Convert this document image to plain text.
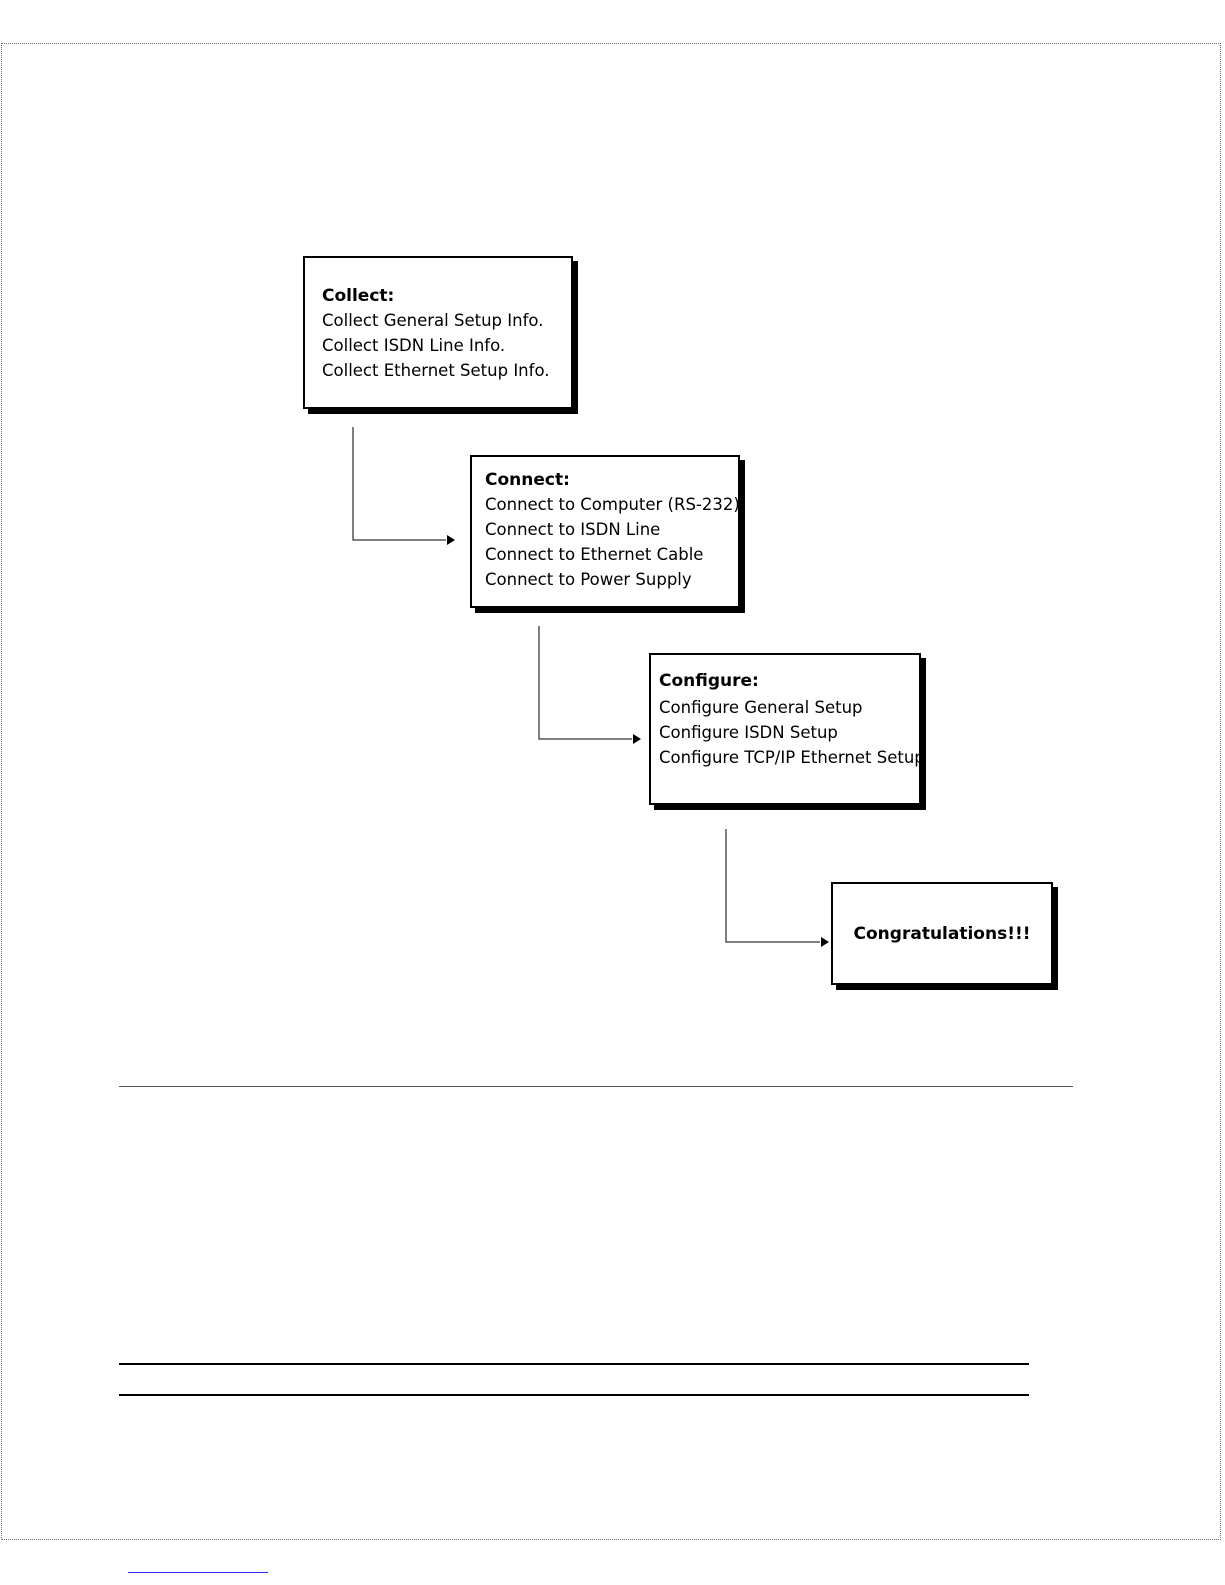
Collect:
Collect General Setup Info.
Collect ISDN Line Info.
Collect Ethernet Setup Info.
Connect:
Connect to Computer (RS-232)
Connect to ISDN Line
Connect to Ethernet Cable
Connect to Power Supply
Configure:
Configure General Setup
Configure ISDN Setup
Configure TCP/IP Ethernet Setup
Congratulations!!!
